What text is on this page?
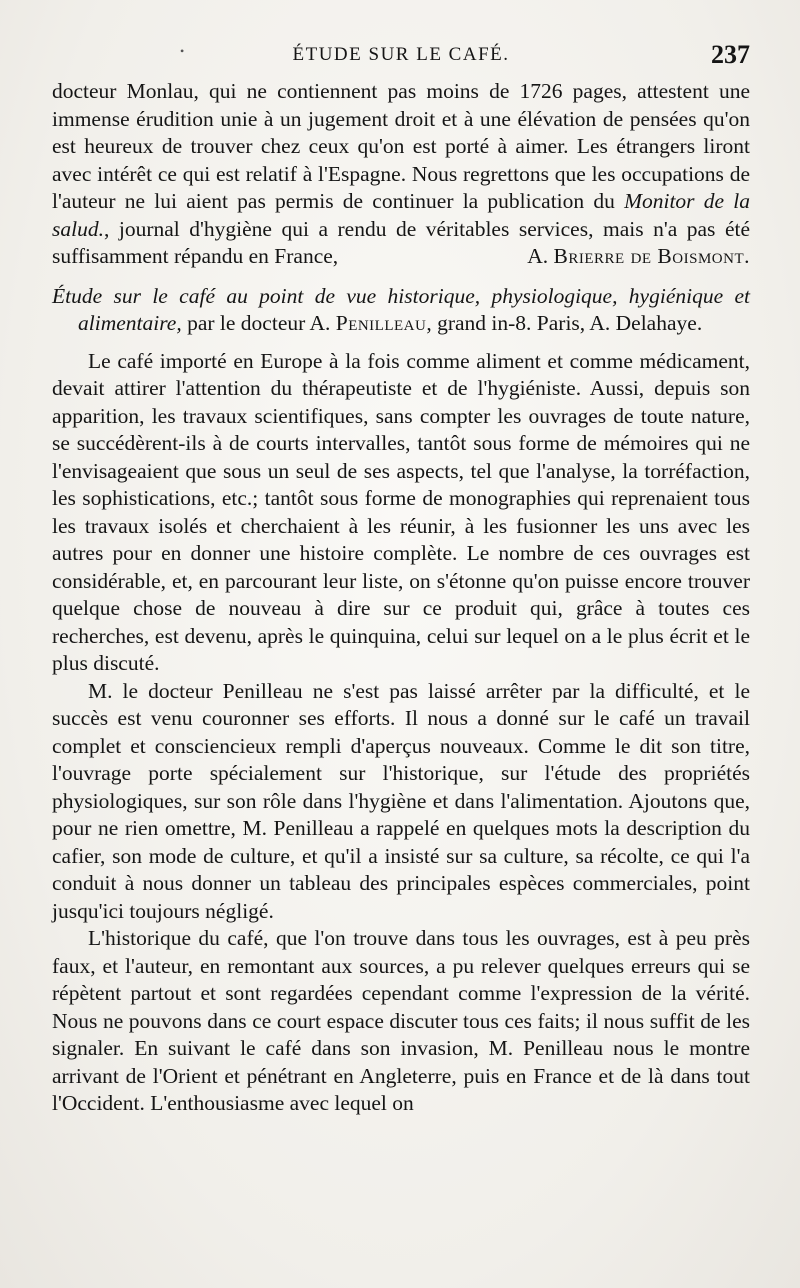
•	ÉTUDE SUR LE CAFÉ.	237

docteur Monlau, qui ne contiennent pas moins de 1726 pages, attestent une immense érudition unie à un jugement droit et à une élévation de pensées qu'on est heureux de trouver chez ceux qu'on est porté à aimer. Les étrangers liront avec intérêt ce qui est relatif à l'Espagne. Nous regrettons que les occupations de l'auteur ne lui aient pas permis de continuer la publication du Monitor de la salud., journal d'hygiène qui a rendu de véritables services, mais n'a pas été suffisamment répandu en France,	A. Brierre de Boismont.

Étude sur le café au point de vue historique, physiologique, hygiénique et alimentaire, par le docteur A. Penilleau, grand in-8. Paris, A. Delahaye.

Le café importé en Europe à la fois comme aliment et comme médicament, devait attirer l'attention du thérapeutiste et de l'hygiéniste. Aussi, depuis son apparition, les travaux scientifiques, sans compter les ouvrages de toute nature, se succédèrent-ils à de courts intervalles, tantôt sous forme de mémoires qui ne l'envisageaient que sous un seul de ses aspects, tel que l'analyse, la torréfaction, les sophistications, etc.; tantôt sous forme de monographies qui reprenaient tous les travaux isolés et cherchaient à les réunir, à les fusionner les uns avec les autres pour en donner une histoire complète. Le nombre de ces ouvrages est considérable, et, en parcourant leur liste, on s'étonne qu'on puisse encore trouver quelque chose de nouveau à dire sur ce produit qui, grâce à toutes ces recherches, est devenu, après le quinquina, celui sur lequel on a le plus écrit et le plus discuté.

M. le docteur Penilleau ne s'est pas laissé arrêter par la difficulté, et le succès est venu couronner ses efforts. Il nous a donné sur le café un travail complet et consciencieux rempli d'aperçus nouveaux. Comme le dit son titre, l'ouvrage porte spécialement sur l'historique, sur l'étude des propriétés physiologiques, sur son rôle dans l'hygiène et dans l'alimentation. Ajoutons que, pour ne rien omettre, M. Penilleau a rappelé en quelques mots la description du cafier, son mode de culture, et qu'il a insisté sur sa culture, sa récolte, ce qui l'a conduit à nous donner un tableau des principales espèces commerciales, point jusqu'ici toujours négligé.

L'historique du café, que l'on trouve dans tous les ouvrages, est à peu près faux, et l'auteur, en remontant aux sources, a pu relever quelques erreurs qui se répètent partout et sont regardées cependant comme l'expression de la vérité. Nous ne pouvons dans ce court espace discuter tous ces faits; il nous suffit de les signaler. En suivant le café dans son invasion, M. Penilleau nous le montre arrivant de l'Orient et pénétrant en Angleterre, puis en France et de là dans tout l'Occident. L'enthousiasme avec lequel on
